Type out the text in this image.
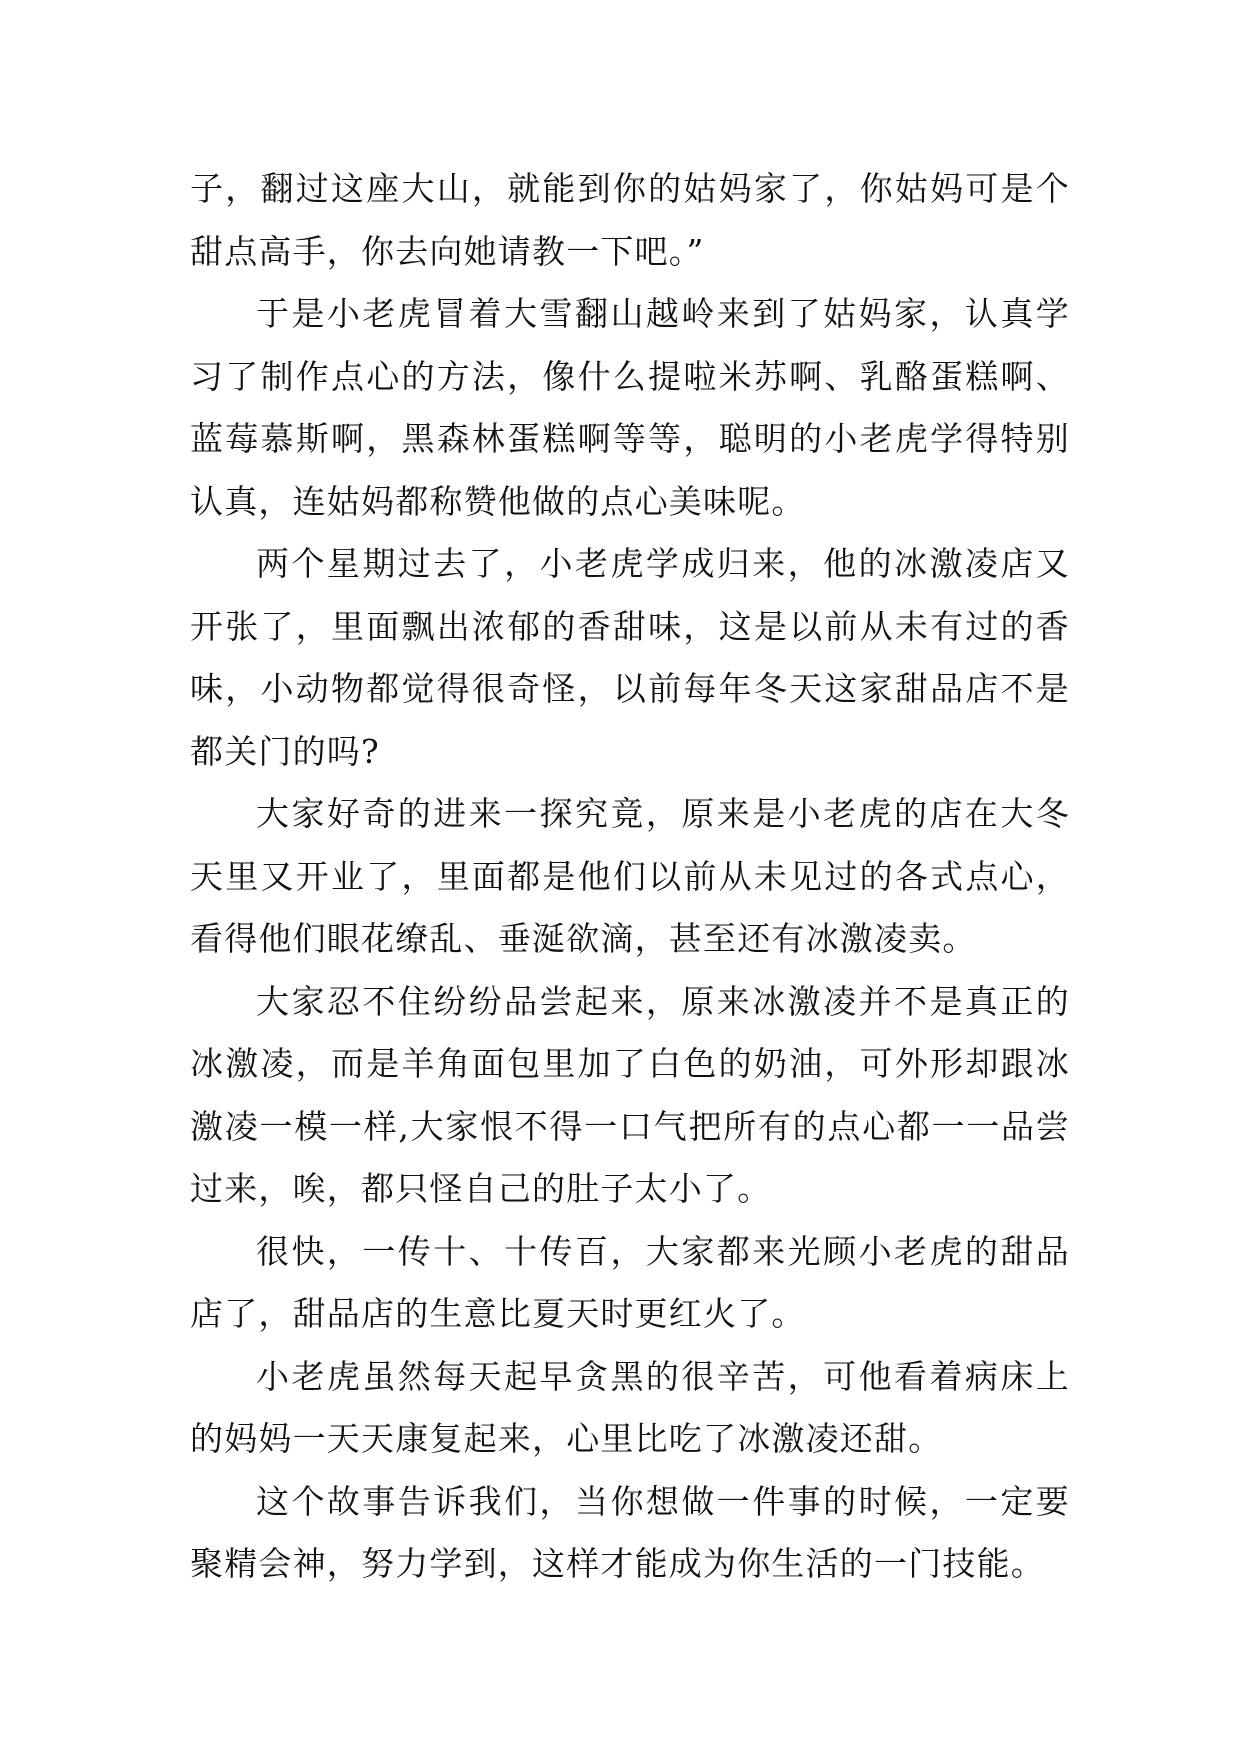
子，翻过这座大山，就能到你的姑妈家了，你姑妈可是个甜点高手，你去向她请教一下吧。”

于是小老虎冒着大雪翻山越岭来到了姑妈家，认真学习了制作点心的方法，像什么提啦米苏啊、乳酪蛋糕啊、蓝莓慕斯啊，黑森林蛋糕啊等等，聪明的小老虎学得特别认真，连姑妈都称赞他做的点心美味呢。

两个星期过去了，小老虎学成归来，他的冰激凌店又开张了，里面飘出浓郁的香甜味，这是以前从未有过的香味，小动物都觉得很奇怪，以前每年冬天这家甜品店不是都关门的吗?

大家好奇的进来一探究竟，原来是小老虎的店在大冬天里又开业了，里面都是他们以前从未见过的各式点心，看得他们眼花缭乱、垂涎欲滴，甚至还有冰激凌卖。

大家忍不住纷纷品尝起来，原来冰激凌并不是真正的冰激凌，而是羊角面包里加了白色的奶油，可外形却跟冰激凌一模一样,大家恨不得一口气把所有的点心都一一品尝过来，唉，都只怪自己的肚子太小了。

很快，一传十、十传百，大家都来光顾小老虎的甜品店了，甜品店的生意比夏天时更红火了。

小老虎虽然每天起早贪黑的很辛苦，可他看着病床上的妈妈一天天康复起来，心里比吃了冰激凌还甜。

这个故事告诉我们，当你想做一件事的时候，一定要聚精会神，努力学到，这样才能成为你生活的一门技能。
